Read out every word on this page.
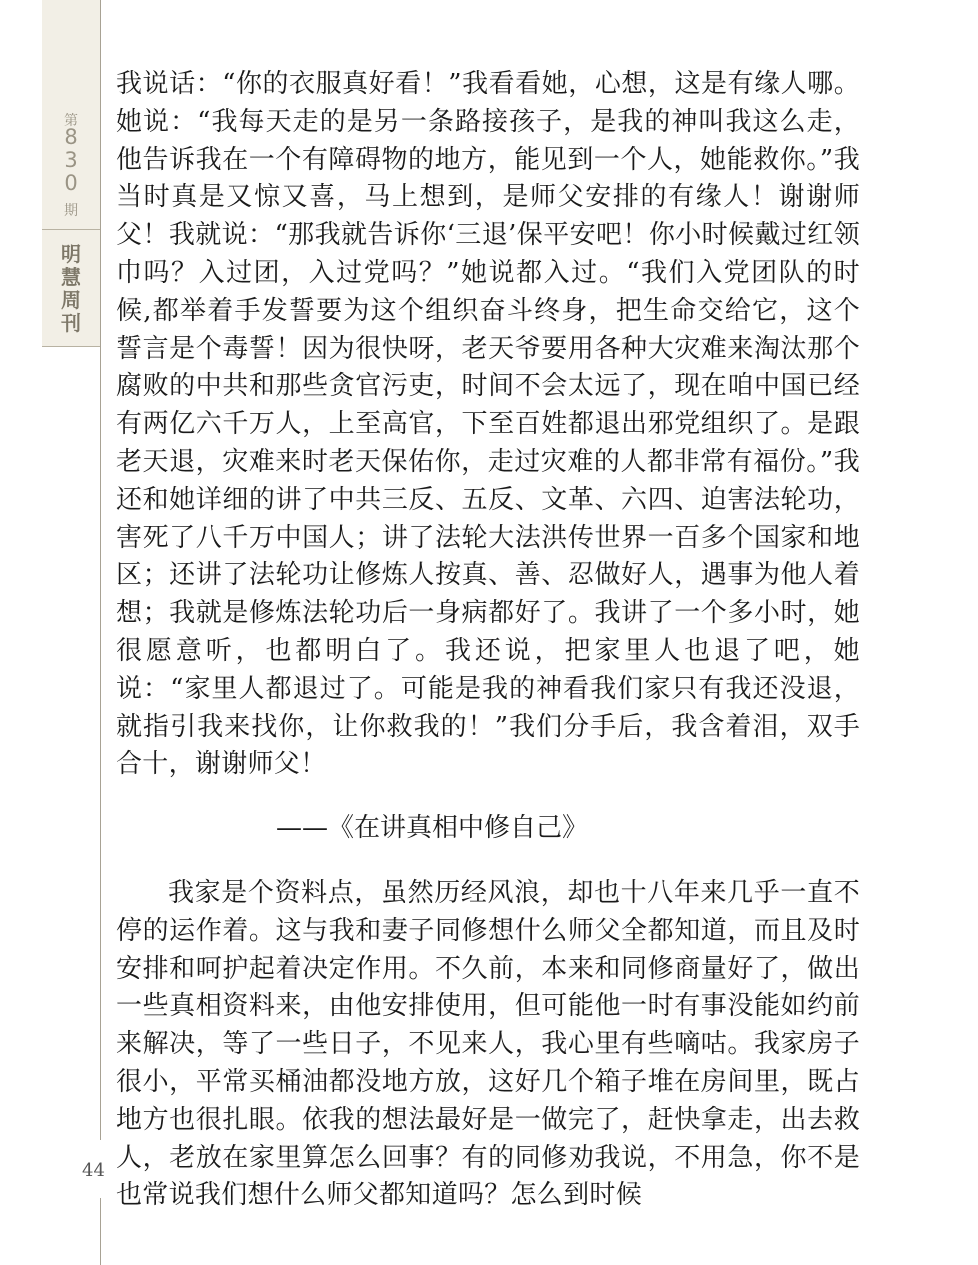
第
830
期
明慧周刊
44

我说话：“你的衣服真好看！”我看看她，心想，这是有缘人哪。她说：“我每天走的是另一条路接孩子，是我的神叫我这么走，他告诉我在一个有障碍物的地方，能见到一个人，她能救你。”我当时真是又惊又喜，马上想到，是师父安排的有缘人！谢谢师父！我就说：“那我就告诉你‘三退’保平安吧！你小时候戴过红领巾吗？入过团，入过党吗？”她说都入过。“我们入党团队的时候,都举着手发誓要为这个组织奋斗终身，把生命交给它，这个誓言是个毒誓！因为很快呀，老天爷要用各种大灾难来淘汰那个腐败的中共和那些贪官污吏，时间不会太远了，现在咱中国已经有两亿六千万人，上至高官，下至百姓都退出邪党组织了。是跟老天退，灾难来时老天保佑你，走过灾难的人都非常有福份。”我还和她详细的讲了中共三反、五反、文革、六四、迫害法轮功，害死了八千万中国人；讲了法轮大法洪传世界一百多个国家和地区；还讲了法轮功让修炼人按真、善、忍做好人，遇事为他人着想；我就是修炼法轮功后一身病都好了。我讲了一个多小时，她很愿意听，也都明白了。我还说，把家里人也退了吧，她说：“家里人都退过了。可能是我的神看我们家只有我还没退，就指引我来找你，让你救我的！”我们分手后，我含着泪，双手合十，谢谢师父！

——《在讲真相中修自己》

我家是个资料点，虽然历经风浪，却也十八年来几乎一直不停的运作着。这与我和妻子同修想什么师父全都知道，而且及时安排和呵护起着决定作用。不久前，本来和同修商量好了，做出一些真相资料来，由他安排使用，但可能他一时有事没能如约前来解决，等了一些日子，不见来人，我心里有些嘀咕。我家房子很小，平常买桶油都没地方放，这好几个箱子堆在房间里，既占地方也很扎眼。依我的想法最好是一做完了，赶快拿走，出去救人，老放在家里算怎么回事？有的同修劝我说，不用急，你不是也常说我们想什么师父都知道吗？怎么到时候
